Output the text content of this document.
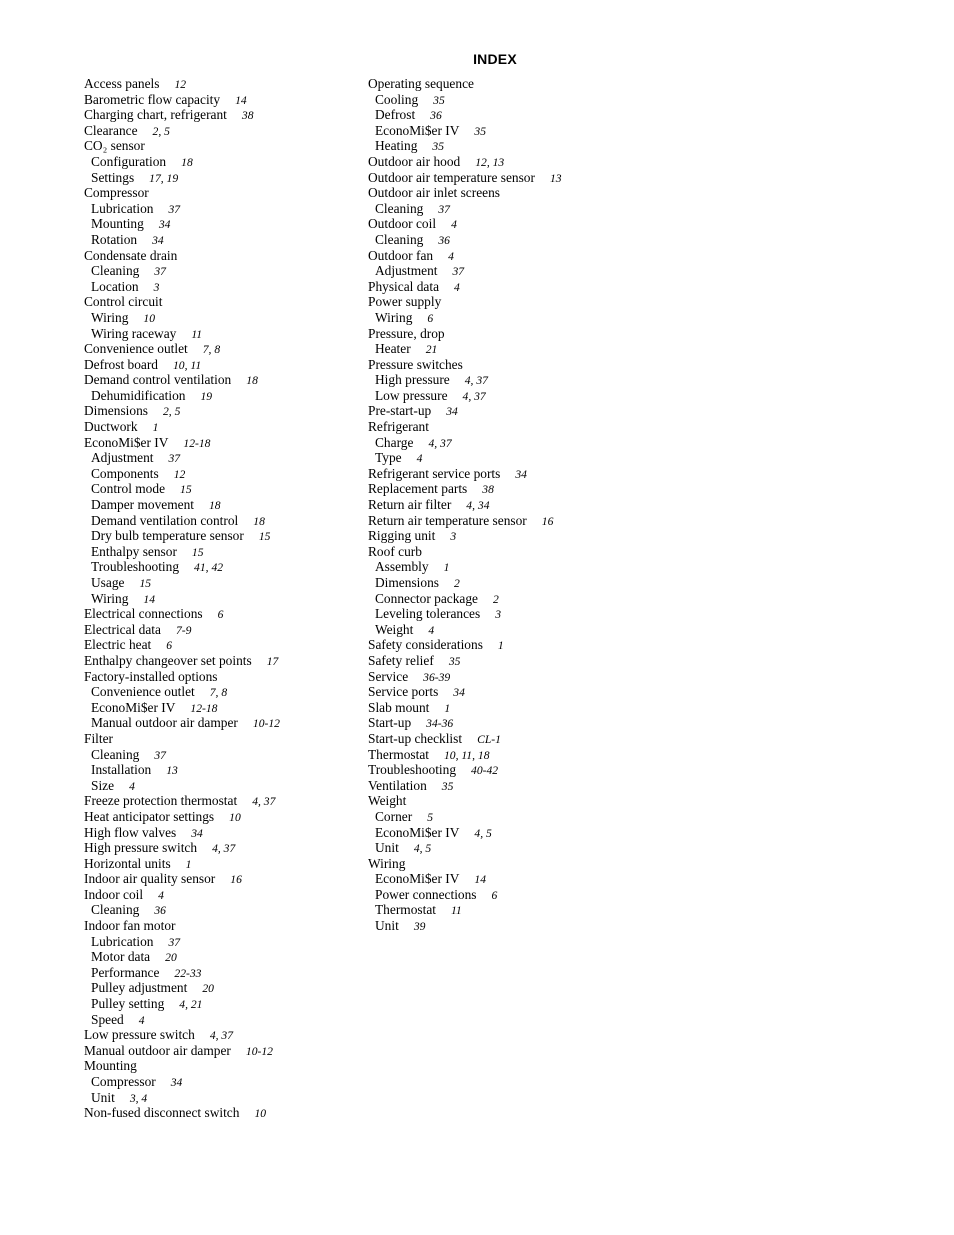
INDEX
Access panels 12
Barometric flow capacity 14
Charging chart, refrigerant 38
Clearance 2, 5
CO₂ sensor
Configuration 18
Settings 17, 19
Compressor
Lubrication 37
Mounting 34
Rotation 34
Condensate drain
Cleaning 37
Location 3
Control circuit
Wiring 10
Wiring raceway 11
Convenience outlet 7, 8
Defrost board 10, 11
Demand control ventilation 18
Dehumidification 19
Dimensions 2, 5
Ductwork 1
EconoMi$er IV 12-18
Adjustment 37
Components 12
Control mode 15
Damper movement 18
Demand ventilation control 18
Dry bulb temperature sensor 15
Enthalpy sensor 15
Troubleshooting 41, 42
Usage 15
Wiring 14
Electrical connections 6
Electrical data 7-9
Electric heat 6
Enthalpy changeover set points 17
Factory-installed options
Convenience outlet 7, 8
EconoMi$er IV 12-18
Manual outdoor air damper 10-12
Filter
Cleaning 37
Installation 13
Size 4
Freeze protection thermostat 4, 37
Heat anticipator settings 10
High flow valves 34
High pressure switch 4, 37
Horizontal units 1
Indoor air quality sensor 16
Indoor coil 4
Cleaning 36
Indoor fan motor
Lubrication 37
Motor data 20
Performance 22-33
Pulley adjustment 20
Pulley setting 4, 21
Speed 4
Low pressure switch 4, 37
Manual outdoor air damper 10-12
Mounting
Compressor 34
Unit 3, 4
Non-fused disconnect switch 10
Operating sequence
Cooling 35
Defrost 36
EconoMi$er IV 35
Heating 35
Outdoor air hood 12, 13
Outdoor air temperature sensor 13
Outdoor air inlet screens
Cleaning 37
Outdoor coil 4
Cleaning 36
Outdoor fan 4
Adjustment 37
Physical data 4
Power supply
Wiring 6
Pressure, drop
Heater 21
Pressure switches
High pressure 4, 37
Low pressure 4, 37
Pre-start-up 34
Refrigerant
Charge 4, 37
Type 4
Refrigerant service ports 34
Replacement parts 38
Return air filter 4, 34
Return air temperature sensor 16
Rigging unit 3
Roof curb
Assembly 1
Dimensions 2
Connector package 2
Leveling tolerances 3
Weight 4
Safety considerations 1
Safety relief 35
Service 36-39
Service ports 34
Slab mount 1
Start-up 34-36
Start-up checklist CL-1
Thermostat 10, 11, 18
Troubleshooting 40-42
Ventilation 35
Weight
Corner 5
EconoMi$er IV 4, 5
Unit 4, 5
Wiring
EconoMi$er IV 14
Power connections 6
Thermostat 11
Unit 39
